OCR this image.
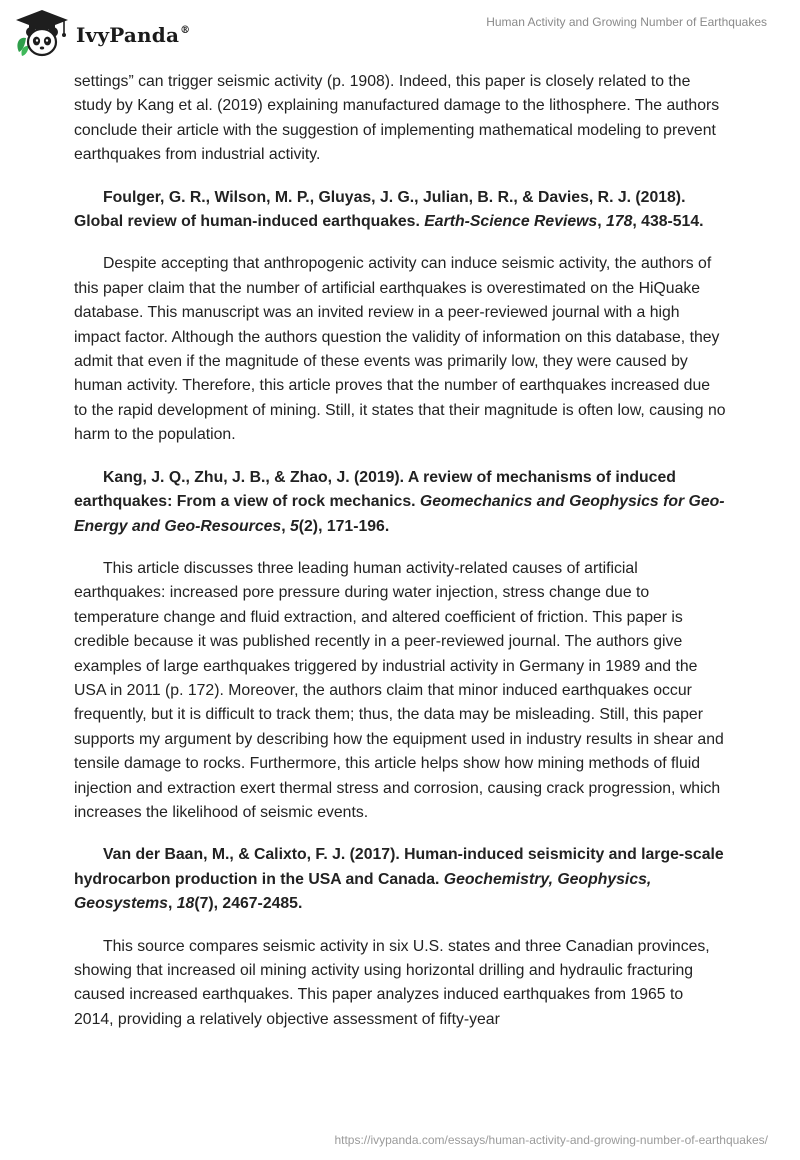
IvyPanda®
Human Activity and Growing Number of Earthquakes

settings” can trigger seismic activity (p. 1908). Indeed, this paper is closely related to the study by Kang et al. (2019) explaining manufactured damage to the lithosphere. The authors conclude their article with the suggestion of implementing mathematical modeling to prevent earthquakes from industrial activity.

Foulger, G. R., Wilson, M. P., Gluyas, J. G., Julian, B. R., & Davies, R. J. (2018). Global review of human-induced earthquakes. Earth-Science Reviews, 178, 438-514.

Despite accepting that anthropogenic activity can induce seismic activity, the authors of this paper claim that the number of artificial earthquakes is overestimated on the HiQuake database. This manuscript was an invited review in a peer-reviewed journal with a high impact factor. Although the authors question the validity of information on this database, they admit that even if the magnitude of these events was primarily low, they were caused by human activity. Therefore, this article proves that the number of earthquakes increased due to the rapid development of mining. Still, it states that their magnitude is often low, causing no harm to the population.

Kang, J. Q., Zhu, J. B., & Zhao, J. (2019). A review of mechanisms of induced earthquakes: From a view of rock mechanics. Geomechanics and Geophysics for Geo-Energy and Geo-Resources, 5(2), 171-196.

This article discusses three leading human activity-related causes of artificial earthquakes: increased pore pressure during water injection, stress change due to temperature change and fluid extraction, and altered coefficient of friction. This paper is credible because it was published recently in a peer-reviewed journal. The authors give examples of large earthquakes triggered by industrial activity in Germany in 1989 and the USA in 2011 (p. 172). Moreover, the authors claim that minor induced earthquakes occur frequently, but it is difficult to track them; thus, the data may be misleading. Still, this paper supports my argument by describing how the equipment used in industry results in shear and tensile damage to rocks. Furthermore, this article helps show how mining methods of fluid injection and extraction exert thermal stress and corrosion, causing crack progression, which increases the likelihood of seismic events.

Van der Baan, M., & Calixto, F. J. (2017). Human-induced seismicity and large-scale hydrocarbon production in the USA and Canada. Geochemistry, Geophysics, Geosystems, 18(7), 2467-2485.

This source compares seismic activity in six U.S. states and three Canadian provinces, showing that increased oil mining activity using horizontal drilling and hydraulic fracturing caused increased earthquakes. This paper analyzes induced earthquakes from 1965 to 2014, providing a relatively objective assessment of fifty-year

https://ivypanda.com/essays/human-activity-and-growing-number-of-earthquakes/
